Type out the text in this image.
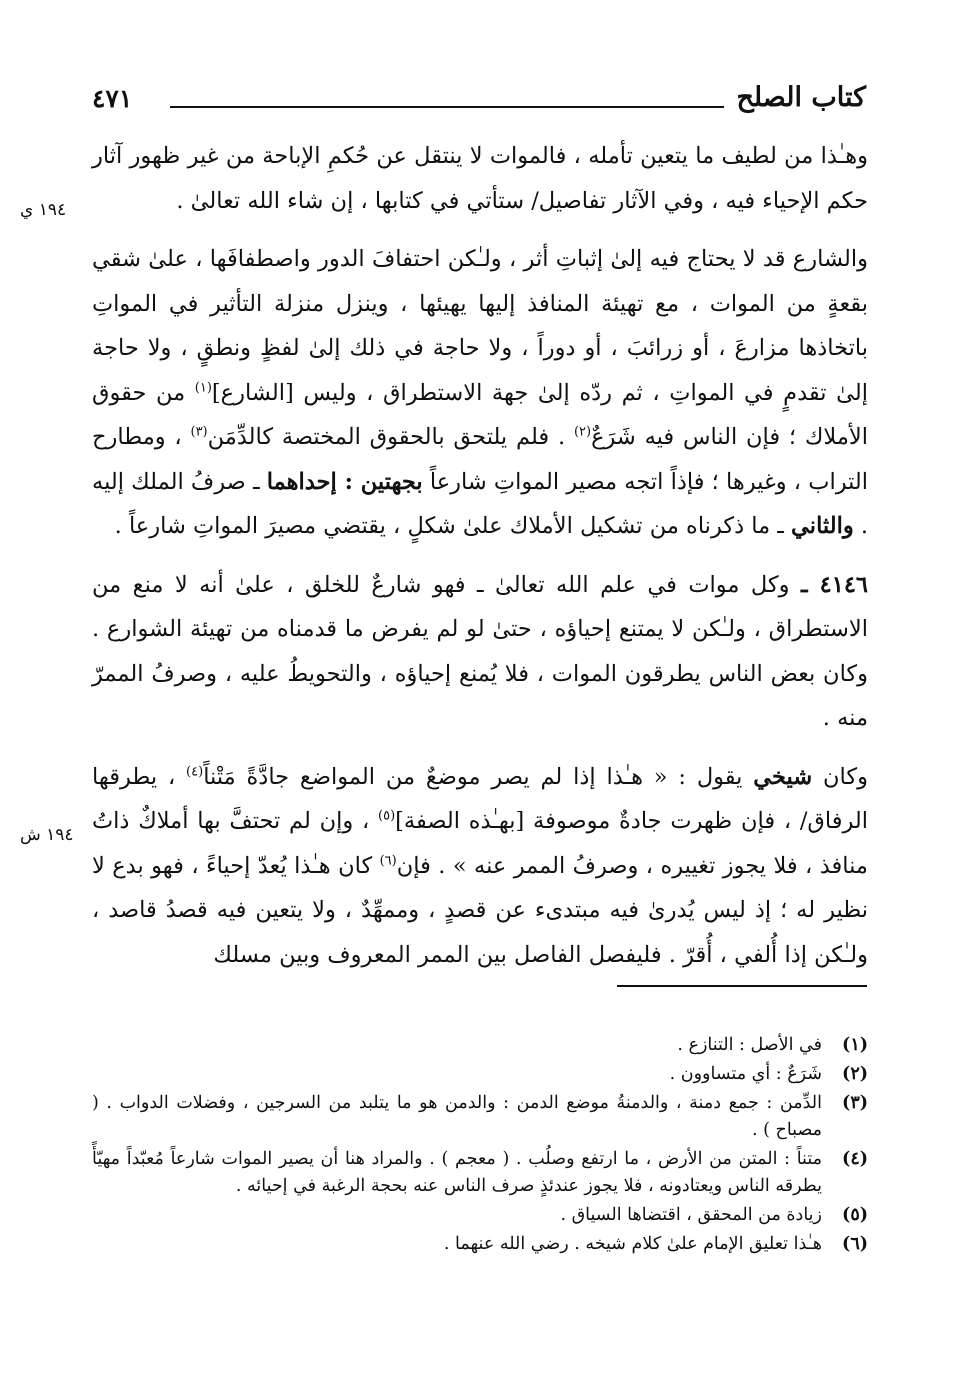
كتاب الصلح
٤٧١
١٩٤ ي
١٩٤ ش

وهـٰذا من لطيف ما يتعين تأمله ، فالموات لا ينتقل عن حُكمِ الإباحة من غير ظهور آثار حكم الإحياء فيه ، وفي الآثار تفاصيل/ ستأتي في كتابها ، إن شاء الله تعالىٰ .

والشارع قد لا يحتاج فيه إلىٰ إثباتِ أثر ، ولـٰكن احتفافَ الدور واصطفافَها ، علىٰ شقي بقعةٍ من الموات ، مع تهيئة المنافذ إليها يهيئها ، وينزل منزلة التأثير في المواتِ باتخاذها مزارعَ ، أو زرائبَ ، أو دوراً ، ولا حاجة في ذلك إلىٰ لفظٍ ونطقٍ ، ولا حاجة إلىٰ تقدمٍ في المواتِ ، ثم ردّه إلىٰ جهة الاستطراق ، وليس [الشارع]$^{(١)}$ من حقوق الأملاك ؛ فإن الناس فيه شَرَعٌ$^{(٢)}$ . فلم يلتحق بالحقوق المختصة كالدِّمَن$^{(٣)}$ ، ومطارح التراب ، وغيرها ؛ فإذاً اتجه مصير المواتِ شارعاً بجهتين : إحداهما ـ صرفُ الملك إليه . والثاني ـ ما ذكرناه من تشكيل الأملاك علىٰ شكلٍ ، يقتضي مصيرَ المواتِ شارعاً .

٤١٤٦ ـ وكل موات في علم الله تعالىٰ ـ فهو شارعٌ للخلق ، علىٰ أنه لا منع من الاستطراق ، ولـٰكن لا يمتنع إحياؤه ، حتىٰ لو لم يفرض ما قدمناه من تهيئة الشوارع . وكان بعض الناس يطرقون الموات ، فلا يُمنع إحياؤه ، والتحويطُ عليه ، وصرفُ الممرّ منه .

وكان شيخي يقول : « هـٰذا إذا لم يصر موضعٌ من المواضع جادَّةً مَتْناً$^{(٤)}$ ، يطرقها الرفاق/ ، فإن ظهرت جادةٌ موصوفة [بهـٰذه الصفة]$^{(٥)}$ ، وإن لم تحتفَّ بها أملاكٌ ذاتُ منافذ ، فلا يجوز تغييره ، وصرفُ الممر عنه » . فإن$^{(٦)}$ كان هـٰذا يُعدّ إحياءً ، فهو بدع لا نظير له ؛ إذ ليس يُدرىٰ فيه مبتدىء عن قصدٍ ، وممهِّدٌ ، ولا يتعين فيه قصدُ قاصد ، ولـٰكن إذا أُلفي ، أُقرّ . فليفصل الفاصل بين الممر المعروف وبين مسلك

(١)
في الأصل : التنازع .
(٢)
شَرَعٌ : أي متساوون .
(٣)
الدِّمن : جمع دمنة ، والدمنةُ موضع الدمن : والدمن هو ما يتلبد من السرجين ، وفضلات الدواب . ( مصباح ) .
(٤)
متناً : المتن من الأرض ، ما ارتفع وصلُب . ( معجم ) . والمراد هنا أن يصير الموات شارعاً مُعبّداً مهيّأً يطرقه الناس ويعتادونه ، فلا يجوز عندئذٍ صرف الناس عنه بحجة الرغبة في إحيائه .
(٥)
زيادة من المحقق ، اقتضاها السياق .
(٦)
هـٰذا تعليق الإمام علىٰ كلام شيخه . رضي الله عنهما .
